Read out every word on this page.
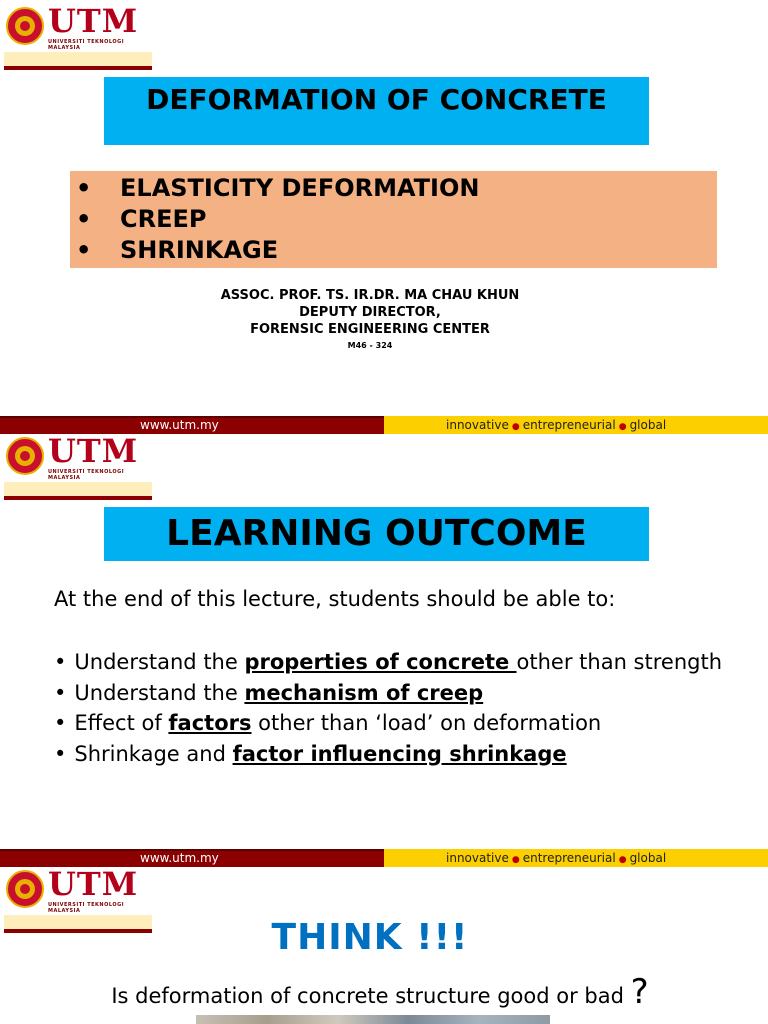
UTM
UNIVERSITI TEKNOLOGI MALAYSIA
DEFORMATION OF CONCRETE
• ELASTICITY DEFORMATION
• CREEP
• SHRINKAGE
ASSOC. PROF. TS. IR.DR. MA CHAU KHUN
DEPUTY DIRECTOR,
FORENSIC ENGINEERING CENTER
M46 - 324
www.utm.my	innovative ● entrepreneurial ● global
UTM
UNIVERSITI TEKNOLOGI MALAYSIA
LEARNING OUTCOME
At the end of this lecture, students should be able to:
• Understand the properties of concrete other than strength
• Understand the mechanism of creep
• Effect of factors other than ‘load’ on deformation
• Shrinkage and factor influencing shrinkage
www.utm.my	innovative ● entrepreneurial ● global
UTM
UNIVERSITI TEKNOLOGI MALAYSIA
THINK !!!
Is deformation of concrete structure good or bad ?
